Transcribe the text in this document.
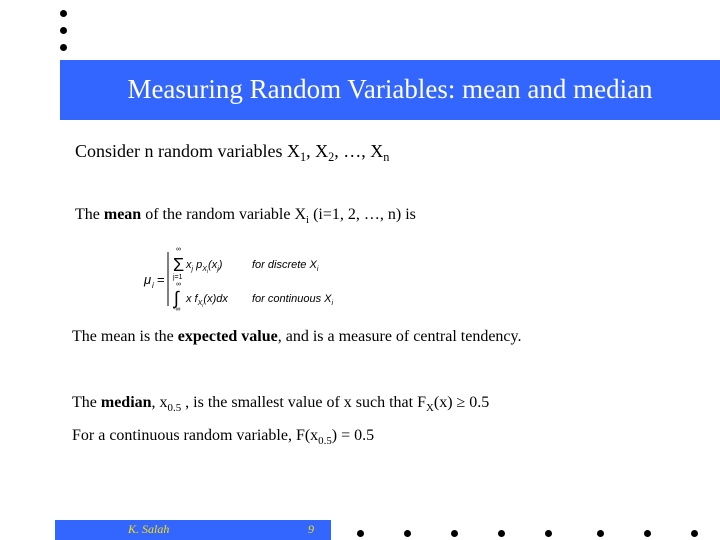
Measuring Random Variables: mean and median
Consider n random variables $X_1$, $X_2$, …, $X_n$
The mean of the random variable $X_i$ (i=1, 2, …, n) is
μ i =
∞
Σ
j=1
$x_j$ $p_Xi(x_j)$	for discrete $X_i$
∞
∫
-∞
x $f_Xi(x)dx$ for continuous $X_i$
The mean is the expected value, and is a measure of central tendency.
The median, $x_{0.5}$ , is the smallest value of x such that $F_X(x) \ge 0.5$
For a continuous random variable, $F(x_{0.5}) = 0.5$
K. Salah	9
